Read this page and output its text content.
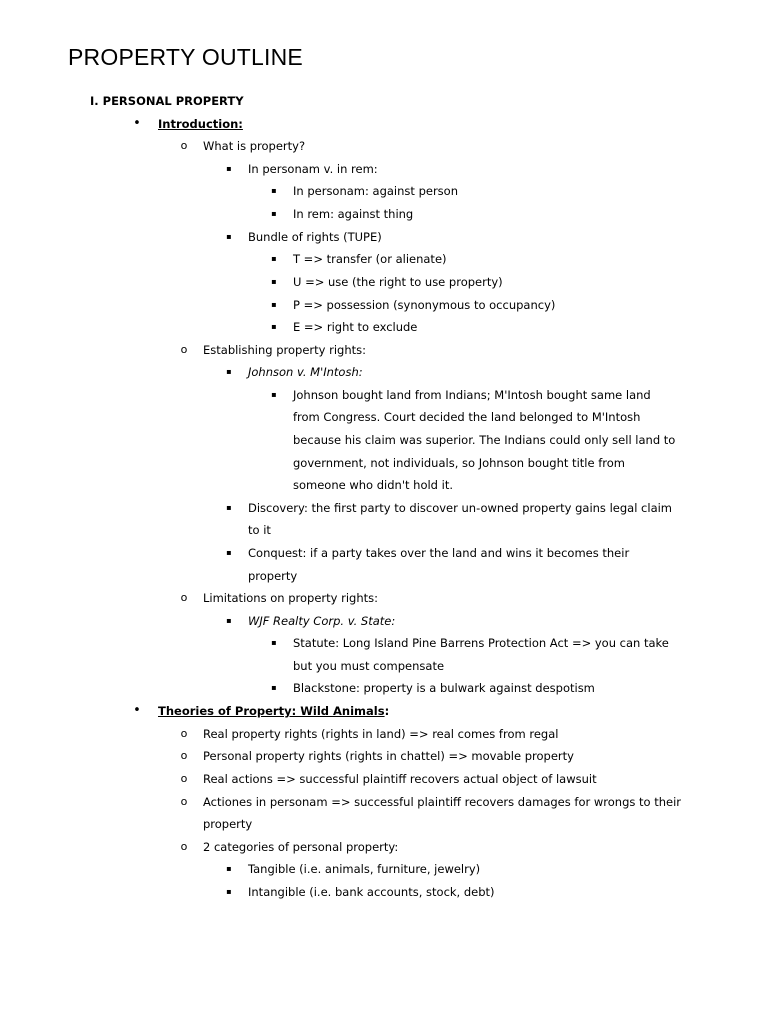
PROPERTY OUTLINE
I. PERSONAL PROPERTY
• Introduction:
o What is property?
▪ In personam v. in rem:
▪ In personam: against person
▪ In rem: against thing
▪ Bundle of rights (TUPE)
▪ T => transfer (or alienate)
▪ U => use (the right to use property)
▪ P => possession (synonymous to occupancy)
▪ E => right to exclude
o Establishing property rights:
▪ Johnson v. M'Intosh:
▪ Johnson bought land from Indians; M'Intosh bought same land
from Congress. Court decided the land belonged to M'Intosh
because his claim was superior. The Indians could only sell land to
government, not individuals, so Johnson bought title from
someone who didn't hold it.
▪ Discovery: the first party to discover un-owned property gains legal claim
to it
▪ Conquest: if a party takes over the land and wins it becomes their
property
o Limitations on property rights:
▪ WJF Realty Corp. v. State:
▪ Statute: Long Island Pine Barrens Protection Act => you can take
but you must compensate
▪ Blackstone: property is a bulwark against despotism
• Theories of Property: Wild Animals:
o Real property rights (rights in land) => real comes from regal
o Personal property rights (rights in chattel) => movable property
o Real actions => successful plaintiff recovers actual object of lawsuit
o Actiones in personam => successful plaintiff recovers damages for wrongs to their
property
o 2 categories of personal property:
▪ Tangible (i.e. animals, furniture, jewelry)
▪ Intangible (i.e. bank accounts, stock, debt)
